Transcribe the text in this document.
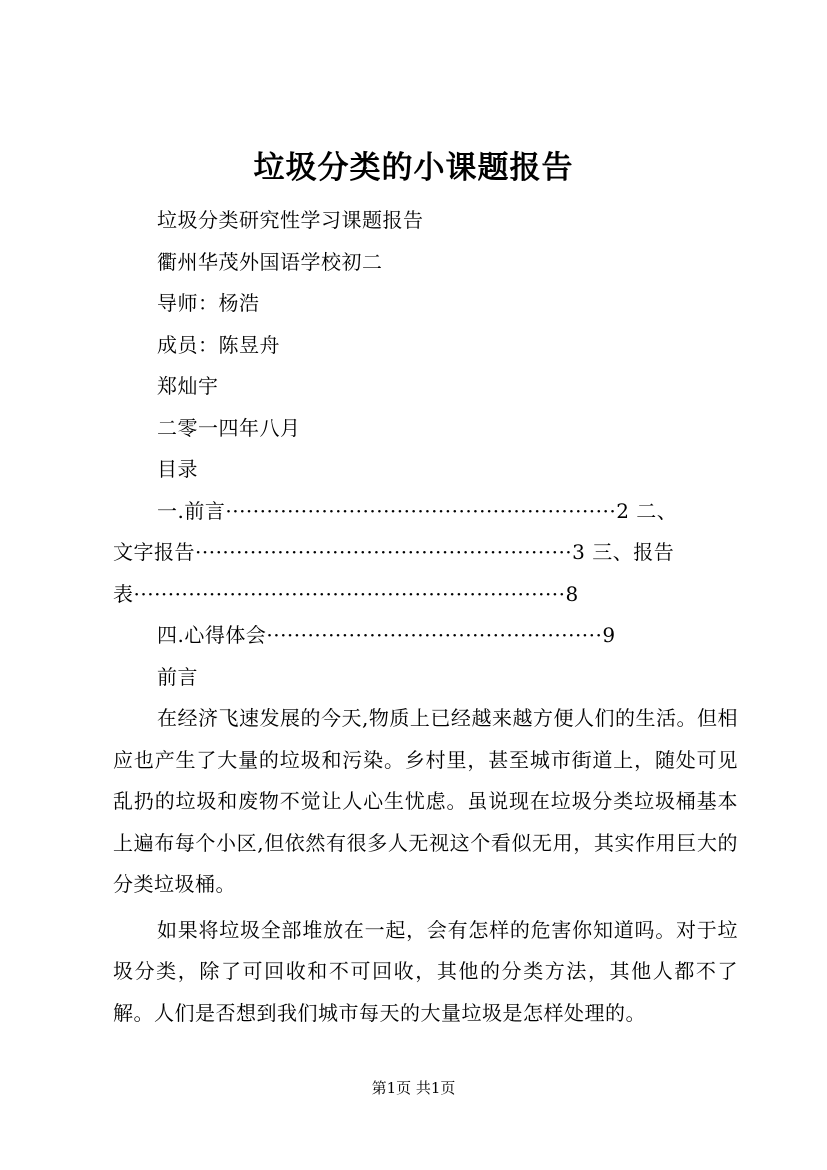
垃圾分类的小课题报告

垃圾分类研究性学习课题报告

衢州华茂外国语学校初二

导师：杨浩

成员：陈昱舟

郑灿宇

二零一四年八月

目录

一.前言·························································2 二、

文字报告·······················································3 三、报告

表·······························································8

四.心得体会·················································9

前言

在经济飞速发展的今天,物质上已经越来越方便人们的生活。但相应也产生了大量的垃圾和污染。乡村里，甚至城市街道上，随处可见乱扔的垃圾和废物不觉让人心生忧虑。虽说现在垃圾分类垃圾桶基本上遍布每个小区,但依然有很多人无视这个看似无用，其实作用巨大的分类垃圾桶。

如果将垃圾全部堆放在一起，会有怎样的危害你知道吗。对于垃圾分类，除了可回收和不可回收，其他的分类方法，其他人都不了解。人们是否想到我们城市每天的大量垃圾是怎样处理的。

第1页 共1页
